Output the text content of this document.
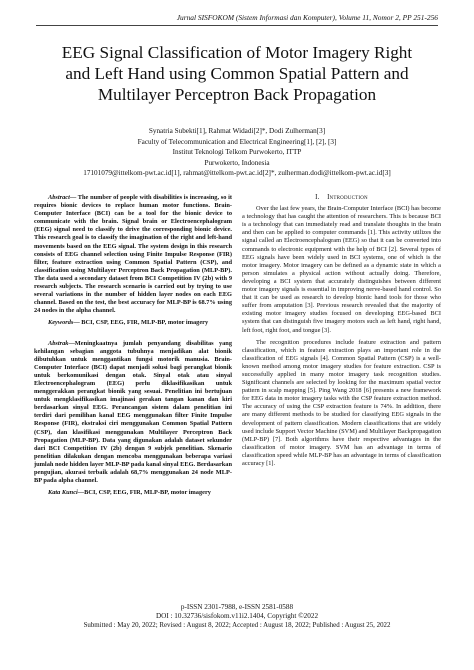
Jurnal SISFOKOM (Sistem Informasi dan Komputer), Volume 11, Nomor 2, PP 251-256
EEG Signal Classification of Motor Imagery Right
and Left Hand using Common Spatial Pattern and
Multilayer Perceptron Back Propagation
Synatria Subekti[1], Rahmat Widadi[2]*, Dodi Zulherman[3]
Faculty of Telecommunication and Electrical Engineering[1], [2], [3]
Institut Teknologi Telkom Purwokerto, ITTP
Purwokerto, Indonesia
17101079@ittelkom-pwt.ac.id[1], rahmat@ittelkom-pwt.ac.id[2]*, zulherman.dodi@ittelkom-pwt.ac.id[3]

Abstract— The number of people with disabilities is increasing, so it requires bionic devices to replace human motor functions. Brain-Computer Interface (BCI) can be a tool for the bionic device to communicate with the brain. Signal brain or Electroencephalogram (EEG) signal need to classify to drive the corresponding bionic device. This research goal is to classify the imagination of the right and left-hand movements based on the EEG signal. The system design in this research consists of EEG channel selection using Finite Impulse Response (FIR) filter, feature extraction using Common Spatial Pattern (CSP), and classification using Multilayer Perceptron Back Propagation (MLP-BP). The data used a secondary dataset from BCI Competition IV (2b) with 9 research subjects. The research scenario is carried out by trying to use several variations in the number of hidden layer nodes on each EEG channel. Based on the test, the best accuracy for MLP-BP is 68.7% using 24 nodes in the alpha channel.

Keywords— BCI, CSP, EEG, FIR, MLP-BP, motor imagery

Abstrak—Meningkaatnya jumlah penyandang disabilitas yang kehilangan sebagian anggota tubuhnya menjadikan alat bionik dibutuhkan untuk menggantikan fungsi motorik manusia. Brain-Computer Interface (BCI) dapat menjadi solusi bagi perangkat bionik untuk berkomunikasi dengan otak. Sinyal otak atau sinyal Electroencephalogram (EEG) perlu diklasifikasikan untuk menggerakkan perangkat bionik yang sesuai. Penelitian ini bertujuan untuk mengklasifikasikan imajinasi gerakan tangan kanan dan kiri berdasarkan sinyal EEG. Perancangan sistem dalam penelitian ini terdiri dari pemilihan kanal EEG menggunakan filter Finite Impulse Response (FIR), ekstraksi ciri menggunakan Common Spatial Pattern (CSP), dan klasifikasi menggunakan Multilayer Perceptron Back Propagation (MLP-BP). Data yang digunakan adalah dataset sekunder dari BCI Competition IV (2b) dengan 9 subjek penelitian. Skenario penelitian dilakukan dengan mencoba menggunakan beberapa variasi jumlah node hidden layer MLP-BP pada kanal sinyal EEG. Berdasarkan pengujian, akurasi terbaik adalah 68,7% menggunakan 24 node MLP-BP pada alpha channel.

Kata Kunci—BCI, CSP, EEG, FIR, MLP-BP, motor imagery

I. Introduction

Over the last few years, the Brain-Computer Interface (BCI) has become a technology that has caught the attention of researchers. This is because BCI is a technology that can immediately read and translate thoughts in the brain and then can be applied to computer commands [1]. This activity utilizes the signal called an Electroencephalogram (EEG) so that it can be converted into commands to electronic equipment with the help of BCI [2]. Several types of EEG signals have been widely used in BCI systems, one of which is the motor imagery. Motor imagery can be defined as a dynamic state in which a person simulates a physical action without actually doing. Therefore, developing a BCI system that accurately distinguishes between different motor imagery signals is essential in improving nerve-based hand control. So that it can be used as research to develop bionic hand tools for those who suffer from amputation [3]. Previous research revealed that the majority of existing motor imagery studies focused on developing EEG-based BCI system that can distinguish five imagery motors such as left hand, right hand, left foot, right foot, and tongue [3].

The recognition procedures include feature extraction and pattern classification, which in feature extraction plays an important role in the classification of EEG signals [4]. Common Spatial Pattern (CSP) is a well-known method among motor imagery studies for feature extraction. CSP is successfully applied in many motor imagery task recognition studies. Significant channels are selected by looking for the maximum spatial vector pattern in scalp mapping [5]. Ping Wang 2018 [6] presents a new framework for EEG data in motor imagery tasks with the CSP feature extraction method. The accuracy of using the CSP extraction feature is 74%. In addition, there are many different methods to be studied for classifying EEG signals in the development of pattern classification. Modern classifications that are widely used include Support Vector Machine (SVM) and Multilayer Backpropagation (MLP-BP) [7]. Both algorithms have their respective advantages in the classification of motor imagery. SVM has an advantage in terms of classification speed while MLP-BP has an advantage in terms of classification accuracy [1].

p-ISSN 2301-7988, e-ISSN 2581-0588
DOI : 10.32736/sisfokom.v11i2.1404, Copyright ©2022
Submitted : May 20, 2022; Revised : August 8, 2022; Accepted : August 18, 2022; Published : August 25, 2022
